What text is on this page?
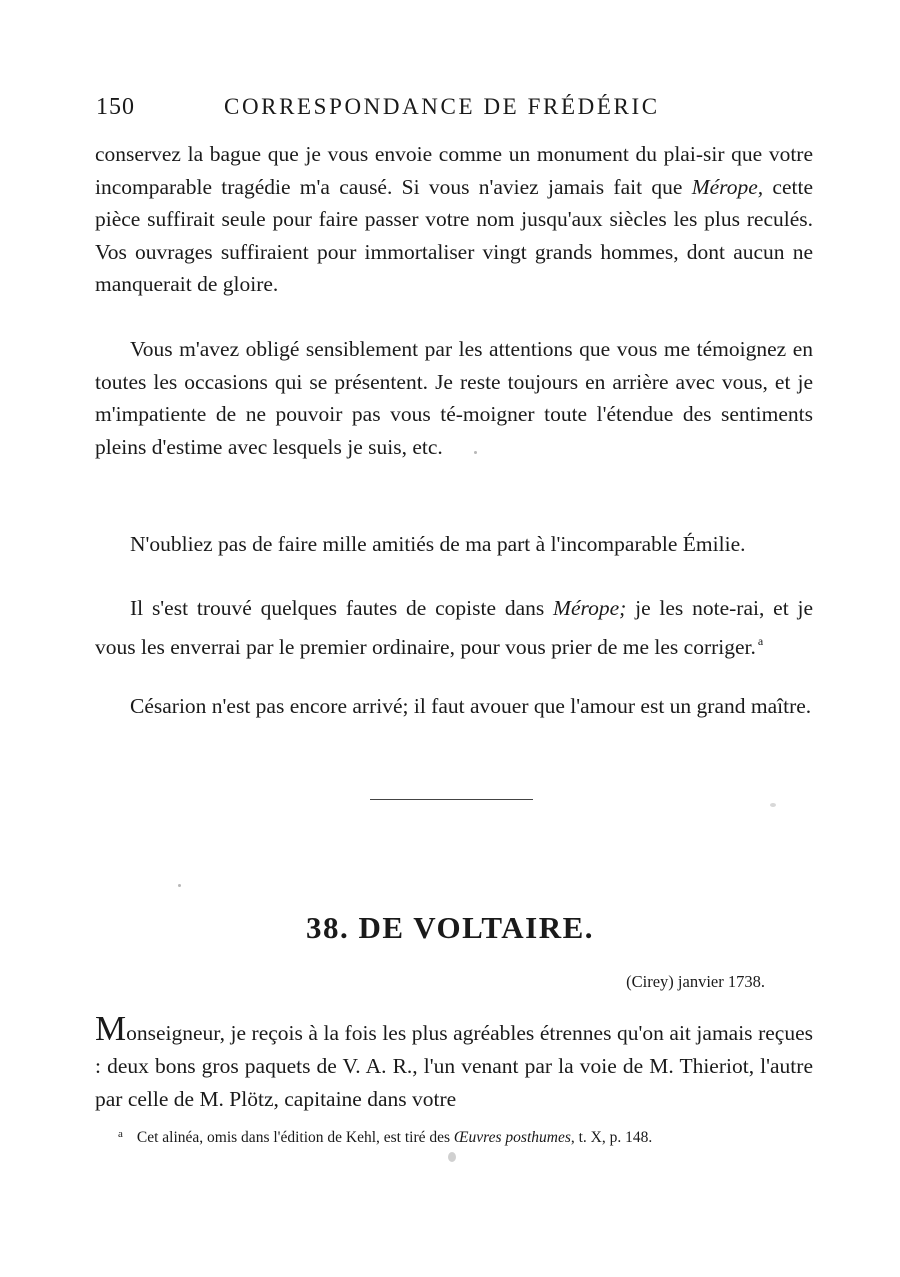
150	CORRESPONDANCE DE FRÉDÉRIC

conservez la bague que je vous envoie comme un monument du plai-sir que votre incomparable tragédie m'a causé. Si vous n'aviez jamais fait que Mérope, cette pièce suffirait seule pour faire passer votre nom jusqu'aux siècles les plus reculés. Vos ouvrages suffiraient pour immortaliser vingt grands hommes, dont aucun ne manquerait de gloire.

Vous m'avez obligé sensiblement par les attentions que vous me témoignez en toutes les occasions qui se présentent. Je reste toujours en arrière avec vous, et je m'impatiente de ne pouvoir pas vous té-moigner toute l'étendue des sentiments pleins d'estime avec lesquels je suis, etc.

N'oubliez pas de faire mille amitiés de ma part à l'incomparable Émilie.

Il s'est trouvé quelques fautes de copiste dans Mérope; je les note-rai, et je vous les enverrai par le premier ordinaire, pour vous prier de me les corriger. $^a$

Césarion n'est pas encore arrivé; il faut avouer que l'amour est un grand maître.

38. DE VOLTAIRE.
(Cirey) janvier 1738.

Monseigneur, je reçois à la fois les plus agréables étrennes qu'on ait jamais reçues : deux bons gros paquets de V. A. R., l'un venant par la voie de M. Thieriot, l'autre par celle de M. Plötz, capitaine dans votre

$^a$ Cet alinéa, omis dans l'édition de Kehl, est tiré des Œuvres posthumes, t. X, p. 148.
